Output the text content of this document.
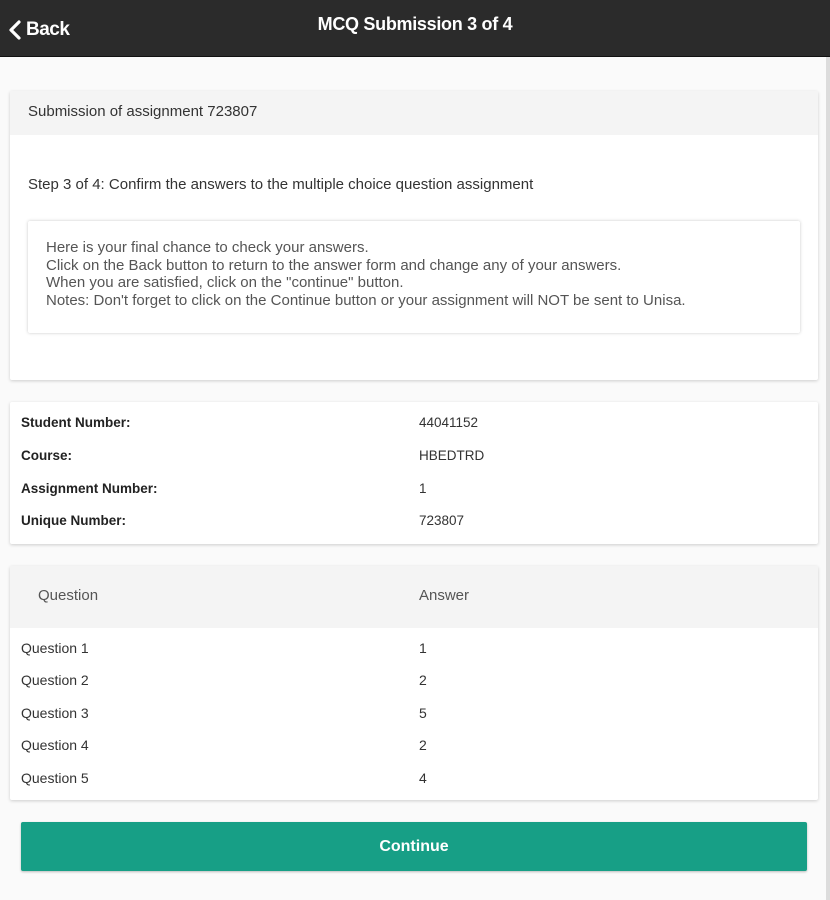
Back	MCQ Submission 3 of 4
Submission of assignment 723807
Step 3 of 4: Confirm the answers to the multiple choice question assignment
Here is your final chance to check your answers.
Click on the Back button to return to the answer form and change any of your answers.
When you are satisfied, click on the "continue" button.
Notes: Don't forget to click on the Continue button or your assignment will NOT be sent to Unisa.
Student Number:	44041152
Course:	HBEDTRD
Assignment Number:	1
Unique Number:	723807
Question	Answer
Question 1	1
Question 2	2
Question 3	5
Question 4	2
Question 5	4
Continue
